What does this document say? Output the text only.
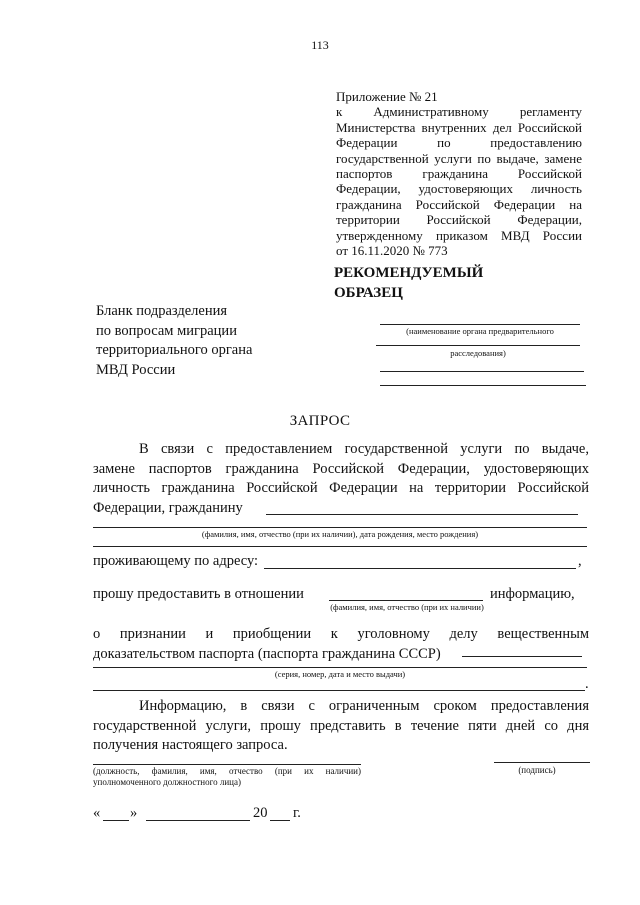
113
Приложение № 21
к Административному регламенту
Министерства внутренних дел Российской
Федерации по предоставлению
государственной услуги по выдаче, замене
паспортов гражданина Российской
Федерации, удостоверяющих личность
гражданина Российской Федерации на
территории Российской Федерации,
утвержденному приказом МВД России
от 16.11.2020 № 773
РЕКОМЕНДУЕМЫЙ
ОБРАЗЕЦ
Бланк подразделения
по вопросам миграции
территориального органа
МВД России
(наименование органа предварительного
расследования)
ЗАПРОС
В связи с предоставлением государственной услуги по выдаче,
замене паспортов гражданина Российской Федерации, удостоверяющих
личность гражданина Российской Федерации на территории Российской
Федерации, гражданину
(фамилия, имя, отчество (при их наличии), дата рождения, место рождения)
проживающему по адресу:	,
прошу предоставить в отношении	информацию,
(фамилия, имя, отчество (при их наличии)
о признании и приобщении к уголовному делу вещественным
доказательством паспорта (паспорта гражданина СССР)
(серия, номер, дата и место выдачи)
.
Информацию, в связи с ограниченным сроком предоставления
государственной услуги, прошу представить в течение пяти дней со дня
получения настоящего запроса.
(должность, фамилия, имя, отчество (при их наличии)
уполномоченного должностного лица)
(подпись)
« »	20 г.
